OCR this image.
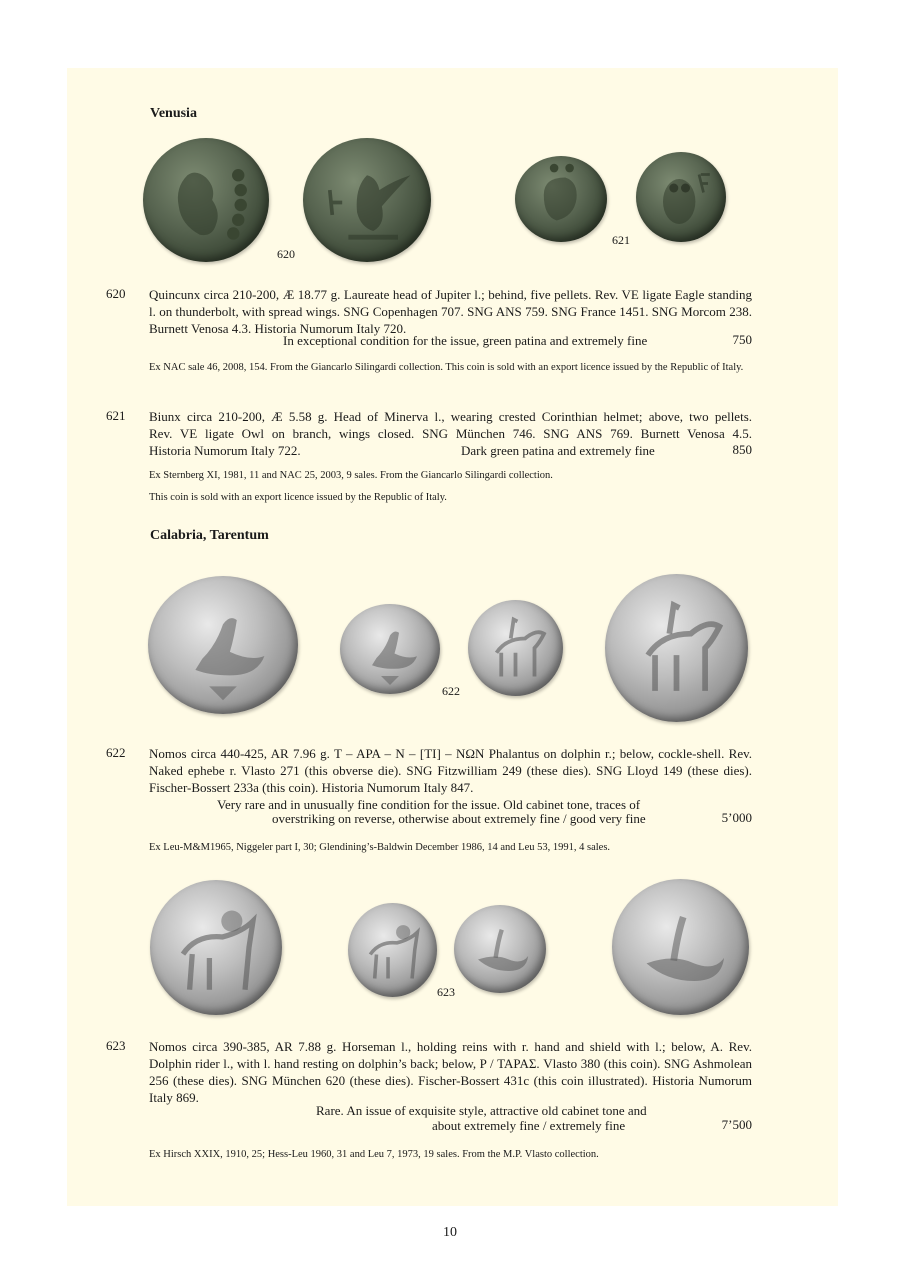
Venusia
620
621
620 Quincunx circa 210-200, Æ 18.77 g. Laureate head of Jupiter l.; behind, five pellets. Rev. VE ligate Eagle standing l. on thunderbolt, with spread wings. SNG Copenhagen 707. SNG ANS 759. SNG France 1451. SNG Morcom 238. Burnett Venosa 4.3. Historia Numorum Italy 720.

In exceptional condition for the issue, green patina and extremely fine	750
Ex NAC sale 46, 2008, 154. From the Giancarlo Silingardi collection. This coin is sold with an export licence issued by the Republic of Italy.
621 Biunx circa 210-200, Æ 5.58 g. Head of Minerva l., wearing crested Corinthian helmet; above, two pellets.
Rev. VE ligate Owl on branch, wings closed. SNG München 746. SNG ANS 769. Burnett Venosa 4.5.
Historia Numorum Italy 722.	Dark green patina and extremely fine	850
Ex Sternberg XI, 1981, 11 and NAC 25, 2003, 9 sales. From the Giancarlo Silingardi collection.
This coin is sold with an export licence issued by the Republic of Italy.
Calabria, Tarentum
622
622 Nomos circa 440-425, AR 7.96 g. T – APA – N – [TI] – NΩN Phalantus on dolphin r.; below, cockle-shell. Rev. Naked ephebe r. Vlasto 271 (this obverse die). SNG Fitzwilliam 249 (these dies). SNG Lloyd 149 (these dies). Fischer-Bossert 233a (this coin). Historia Numorum Italy 847.

Very rare and in unusually fine condition for the issue. Old cabinet tone, traces of
overstriking on reverse, otherwise about extremely fine / good very fine	5’000
Ex Leu-M&M1965, Niggeler part I, 30; Glendining’s-Baldwin December 1986, 14 and Leu 53, 1991, 4 sales.
623
623 Nomos circa 390-385, AR 7.88 g. Horseman l., holding reins with r. hand and shield with l.; below, A. Rev. Dolphin rider l., with l. hand resting on dolphin’s back; below, P / ΤΑΡΑΣ. Vlasto 380 (this coin). SNG Ashmolean 256 (these dies). SNG München 620 (these dies). Fischer-Bossert 431c (this coin illustrated). Historia Numorum Italy 869.

Rare. An issue of exquisite style, attractive old cabinet tone and
about extremely fine / extremely fine	7’500
Ex Hirsch XXIX, 1910, 25; Hess-Leu 1960, 31 and Leu 7, 1973, 19 sales. From the M.P. Vlasto collection.
10
